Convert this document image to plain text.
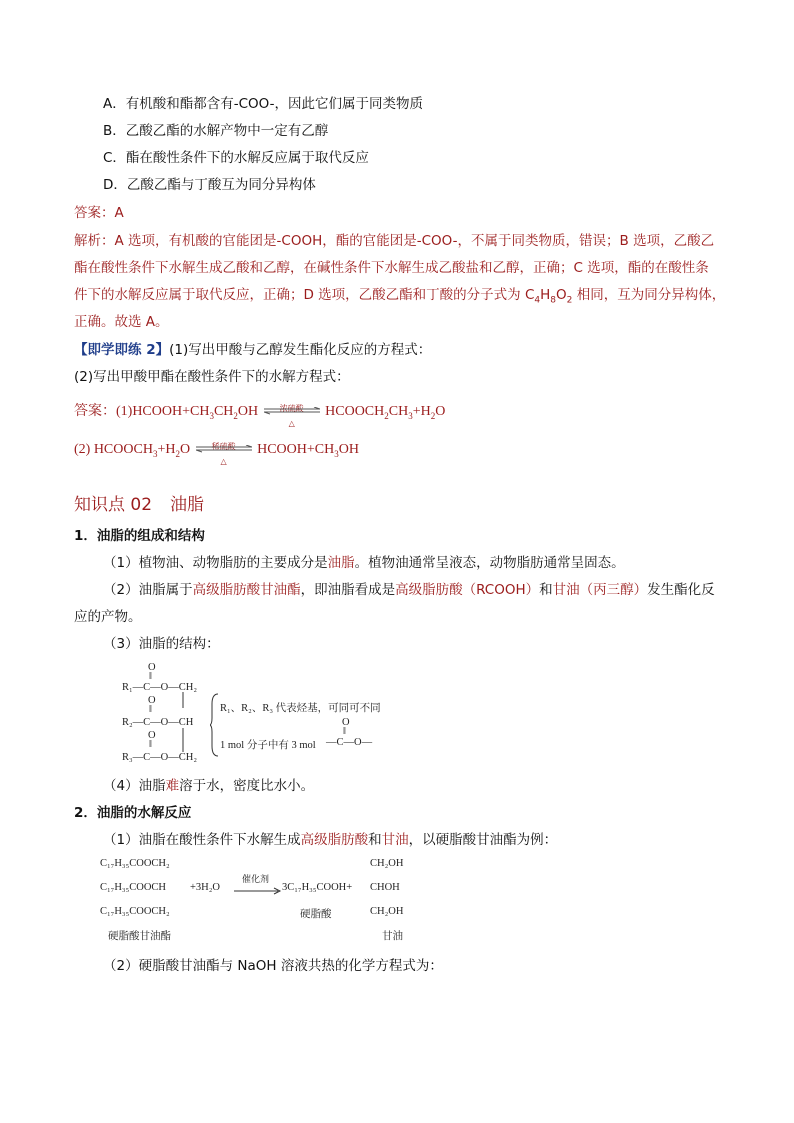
A．有机酸和酯都含有-COO-，因此它们属于同类物质
B．乙酸乙酯的水解产物中一定有乙醇
C．酯在酸性条件下的水解反应属于取代反应
D．乙酸乙酯与丁酸互为同分异构体
答案：A
解析：A 选项，有机酸的官能团是-COOH，酯的官能团是-COO-，不属于同类物质，错误；B 选项，乙酸乙
酯在酸性条件下水解生成乙酸和乙醇，在碱性条件下水解生成乙酸盐和乙醇，正确；C 选项，酯的在酸性条
件下的水解反应属于取代反应，正确；D 选项，乙酸乙酯和丁酸的分子式为 $C_4H_8O_2$ 相同，互为同分异构体，
正确。故选 A。
【即学即练 2】(1)写出甲酸与乙醇发生酯化反应的方程式：
(2)写出甲酸甲酯在酸性条件下的水解方程式：
答案：$(1)HCOOH+CH_3CH_2OH$	浓硫酸
△
$HCOOCH_2CH_3+H_2O$
(2) $HCOOCH_3+H_2O$	稀硫酸
△
$HCOOH+CH_3OH$
知识点 02 油脂
1．油脂的组成和结构
（1）植物油、动物脂肪的主要成分是油脂。植物油通常呈液态，动物脂肪通常呈固态。
（2）油脂属于高级脂肪酸甘油酯，即油脂看成是高级脂肪酸（RCOOH）和甘油（丙三醇）发生酯化反
应的产物。
（3）油脂的结构：
O
‖
R₁—C—O—CH₂
O
‖
R₂—C—O—CH
O
‖
R₃—C—O—CH₂
R₁、R₂、R₃ 代表烃基，可同可不同
O
‖
1 mol 分子中有 3 mol —C—O—
（4）油脂难溶于水，密度比水小。
2．油脂的水解反应
（1）油脂在酸性条件下水解生成高级脂肪酸和甘油，以硬脂酸甘油酯为例：
C₁₇H₃₅COOCH₂
C₁₇H₃₅COOCH
C₁₇H₃₅COOCH₂
+3H₂O
催化剂
3C₁₇H₃₅COOH+
CH₂OH
CHOH
CH₂OH
硬脂酸甘油酯
硬脂酸
甘油
（2）硬脂酸甘油酯与 NaOH 溶液共热的化学方程式为：
